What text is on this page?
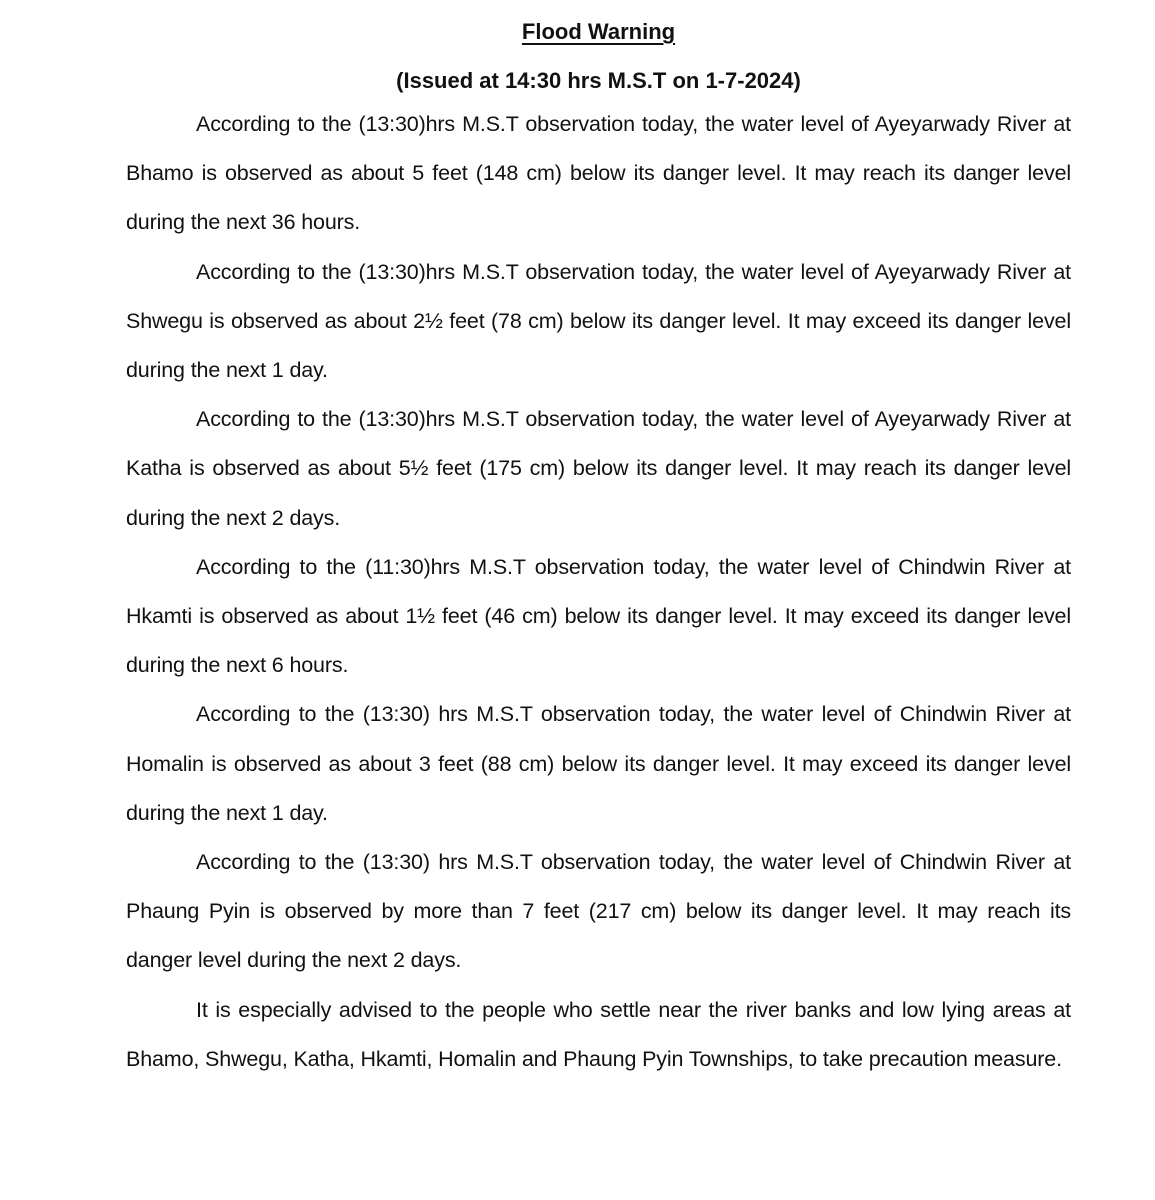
Flood Warning
(Issued at 14:30 hrs M.S.T on 1-7-2024)

According to the (13:30)hrs M.S.T observation today, the water level of Ayeyarwady River at Bhamo is observed as about 5 feet (148 cm) below its danger level. It may reach its danger level during the next 36 hours.

According to the (13:30)hrs M.S.T observation today, the water level of Ayeyarwady River at Shwegu is observed as about 2½ feet (78 cm) below its danger level. It may exceed its danger level during the next 1 day.

According to the (13:30)hrs M.S.T observation today, the water level of Ayeyarwady River at Katha is observed as about 5½ feet (175 cm) below its danger level. It may reach its danger level during the next 2 days.

According to the (11:30)hrs M.S.T observation today, the water level of Chindwin River at Hkamti is observed as about 1½ feet (46 cm) below its danger level. It may exceed its danger level during the next 6 hours.

According to the (13:30) hrs M.S.T observation today, the water level of Chindwin River at Homalin is observed as about 3 feet (88 cm) below its danger level. It may exceed its danger level during the next 1 day.

According to the (13:30) hrs M.S.T observation today, the water level of Chindwin River at Phaung Pyin is observed by more than 7 feet (217 cm) below its danger level. It may reach its danger level during the next 2 days.

It is especially advised to the people who settle near the river banks and low lying areas at Bhamo, Shwegu, Katha, Hkamti, Homalin and Phaung Pyin Townships, to take precaution measure.
